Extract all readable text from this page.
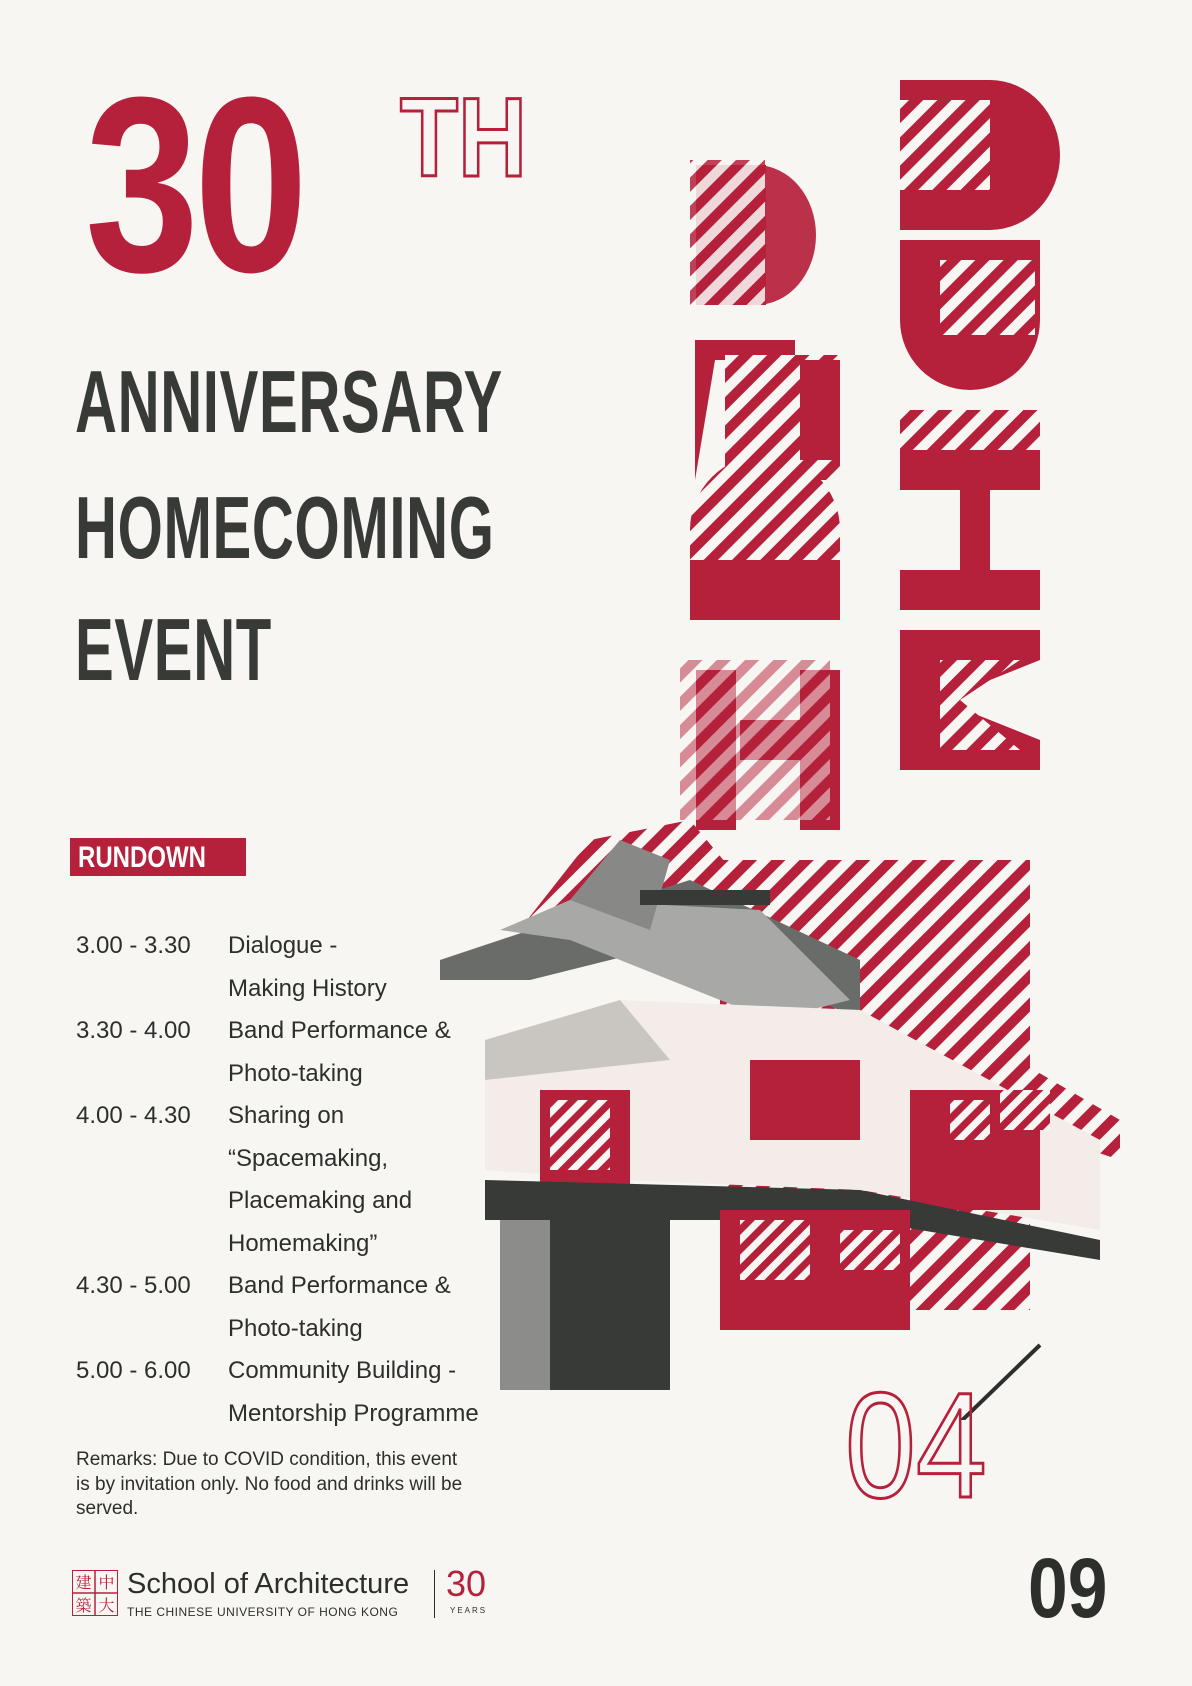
30 TH
ANNIVERSARY
HOMECOMING
EVENT
RUNDOWN
3.00 - 3.30 Dialogue -
Making History
3.30 - 4.00 Band Performance &
Photo-taking
4.00 - 4.30 Sharing on
“Spacemaking,
Placemaking and
Homemaking”
4.30 - 5.00 Band Performance &
Photo-taking
5.00 - 6.00 Community Building -
Mentorship Programme
Remarks: Due to COVID condition, this event is by invitation only. No food and drinks will be served.	04
09
建 中
築 大
School of Architecture
THE CHINESE UNIVERSITY OF HONG KONG
30
YEARS
